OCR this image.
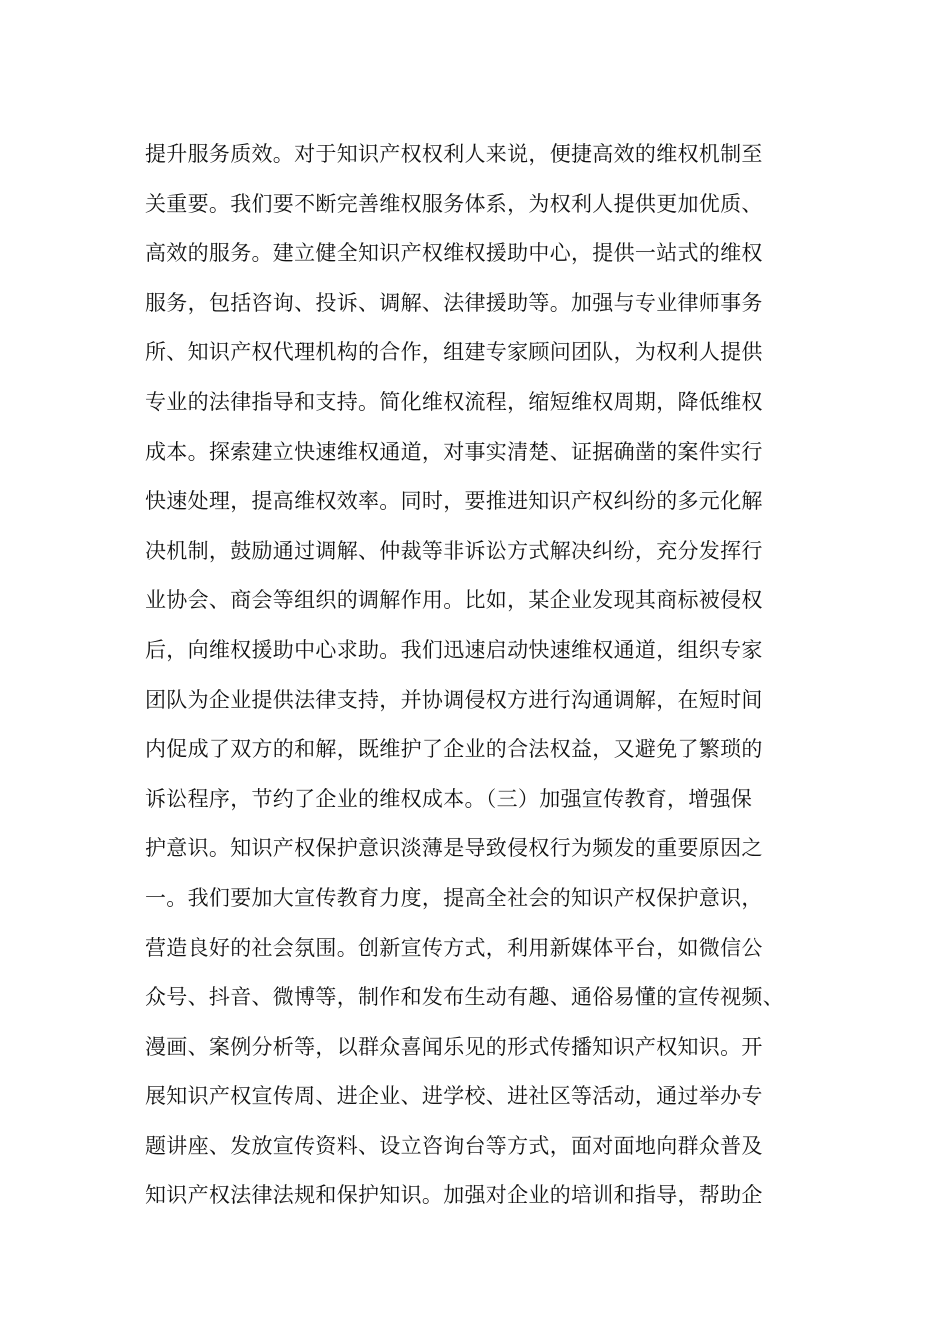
提升服务质效。对于知识产权权利人来说，便捷高效的维权机制至
关重要。我们要不断完善维权服务体系，为权利人提供更加优质、
高效的服务。建立健全知识产权维权援助中心，提供一站式的维权
服务，包括咨询、投诉、调解、法律援助等。加强与专业律师事务
所、知识产权代理机构的合作，组建专家顾问团队，为权利人提供
专业的法律指导和支持。简化维权流程，缩短维权周期，降低维权
成本。探索建立快速维权通道，对事实清楚、证据确凿的案件实行
快速处理，提高维权效率。同时，要推进知识产权纠纷的多元化解
决机制，鼓励通过调解、仲裁等非诉讼方式解决纠纷，充分发挥行
业协会、商会等组织的调解作用。比如，某企业发现其商标被侵权
后，向维权援助中心求助。我们迅速启动快速维权通道，组织专家
团队为企业提供法律支持，并协调侵权方进行沟通调解，在短时间
内促成了双方的和解，既维护了企业的合法权益，又避免了繁琐的
诉讼程序，节约了企业的维权成本。（三）加强宣传教育，增强保
护意识。知识产权保护意识淡薄是导致侵权行为频发的重要原因之
一。我们要加大宣传教育力度，提高全社会的知识产权保护意识，
营造良好的社会氛围。创新宣传方式，利用新媒体平台，如微信公
众号、抖音、微博等，制作和发布生动有趣、通俗易懂的宣传视频、
漫画、案例分析等，以群众喜闻乐见的形式传播知识产权知识。开
展知识产权宣传周、进企业、进学校、进社区等活动，通过举办专
题讲座、发放宣传资料、设立咨询台等方式，面对面地向群众普及
知识产权法律法规和保护知识。加强对企业的培训和指导，帮助企
